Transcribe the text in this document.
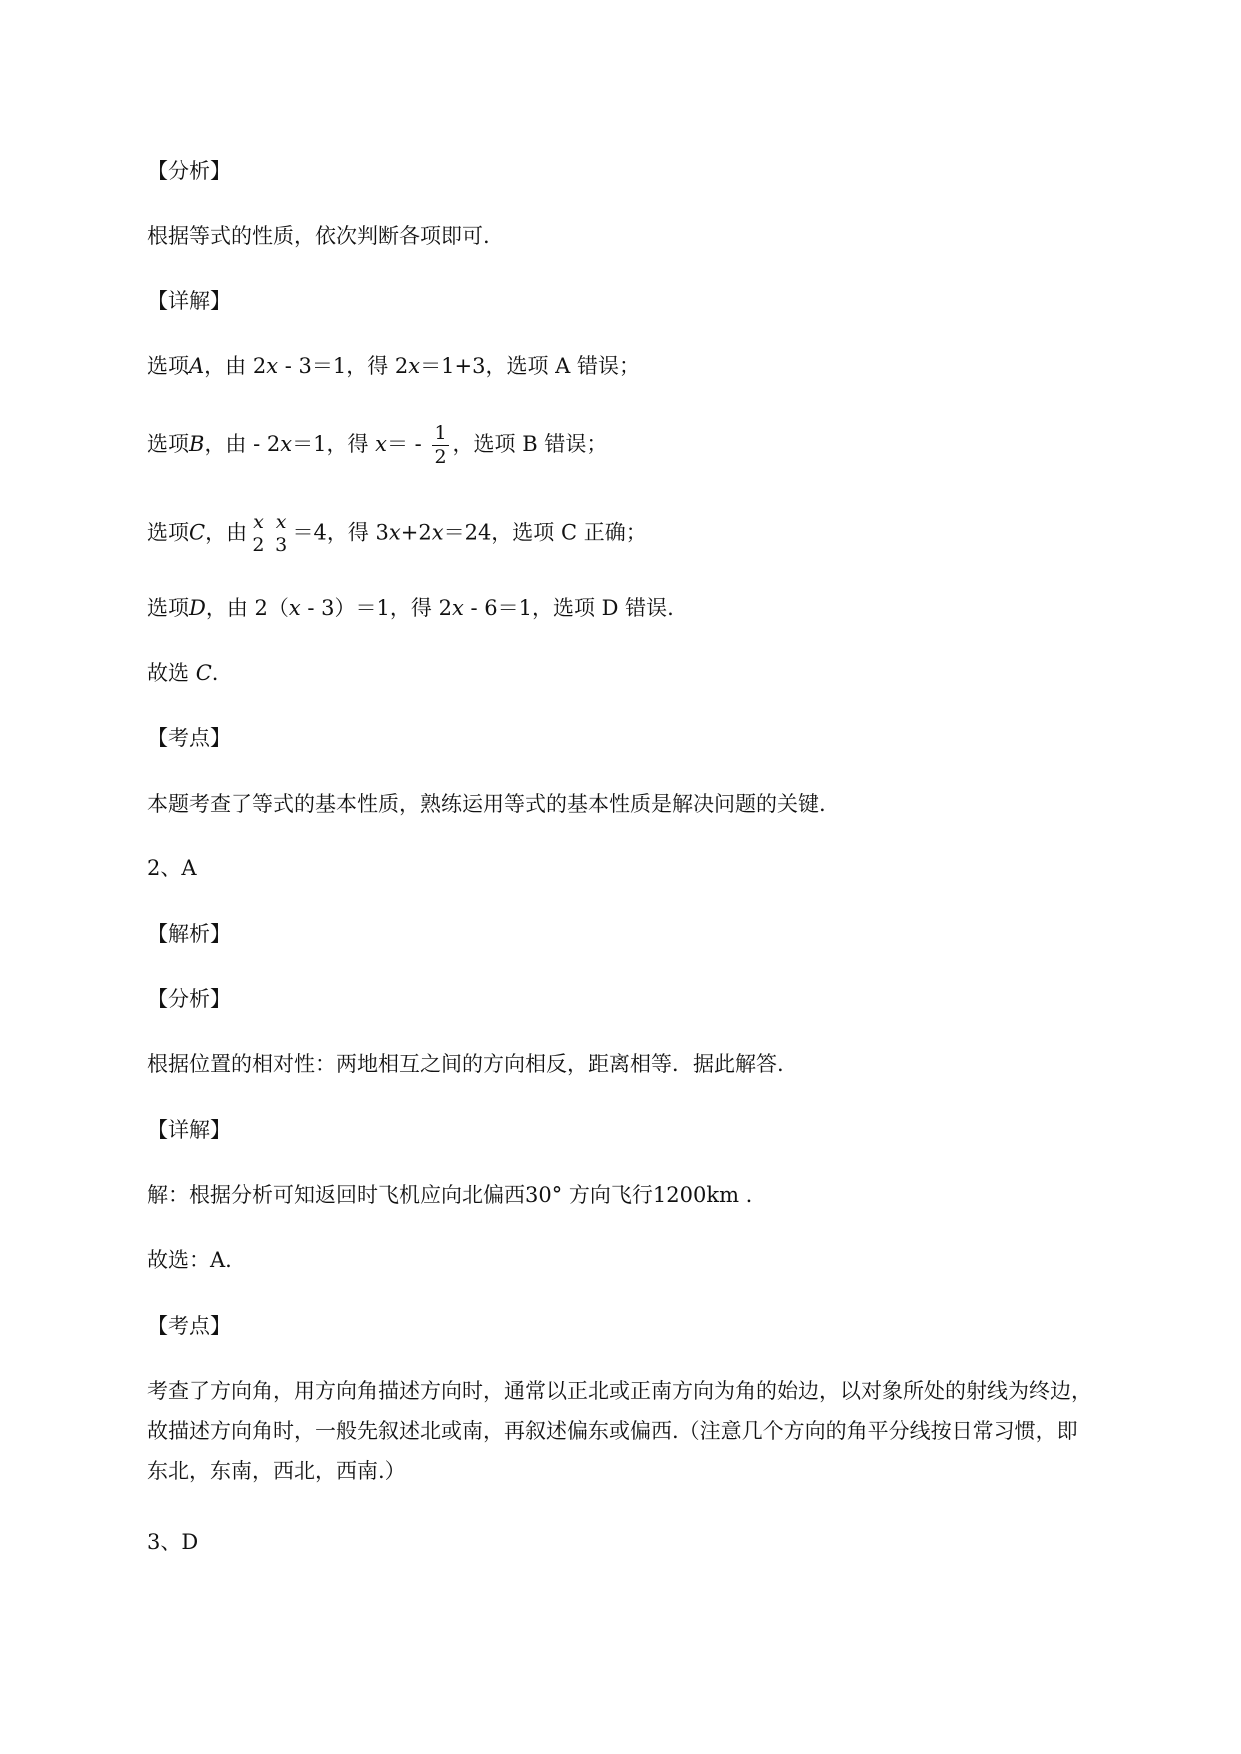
【分析】
根据等式的性质，依次判断各项即可.
【详解】
选项A，由 2x - 3＝1，得 2x＝1+3，选项 A 错误；
选项B，由 - 2x＝1，得 $x= - \frac{1}{2}$ ，选项 B 错误；
选项C，由 x
2
x
3
＝4，得 3x+2x＝24，选项 C 正确；
选项D，由 2（x - 3）＝1，得 2x - 6＝1，选项 D 错误.
故选 C.
【考点】
本题考查了等式的基本性质，熟练运用等式的基本性质是解决问题的关键.
2、A
【解析】
【分析】
根据位置的相对性：两地相互之间的方向相反，距离相等．据此解答.
【详解】
解：根据分析可知返回时飞机应向北偏西30° 方向飞行1200km .
故选：A.
【考点】
考查了方向角，用方向角描述方向时，通常以正北或正南方向为角的始边，以对象所处的射线为终边，
故描述方向角时，一般先叙述北或南，再叙述偏东或偏西.（注意几个方向的角平分线按日常习惯，即
东北，东南，西北，西南.）
3、D
